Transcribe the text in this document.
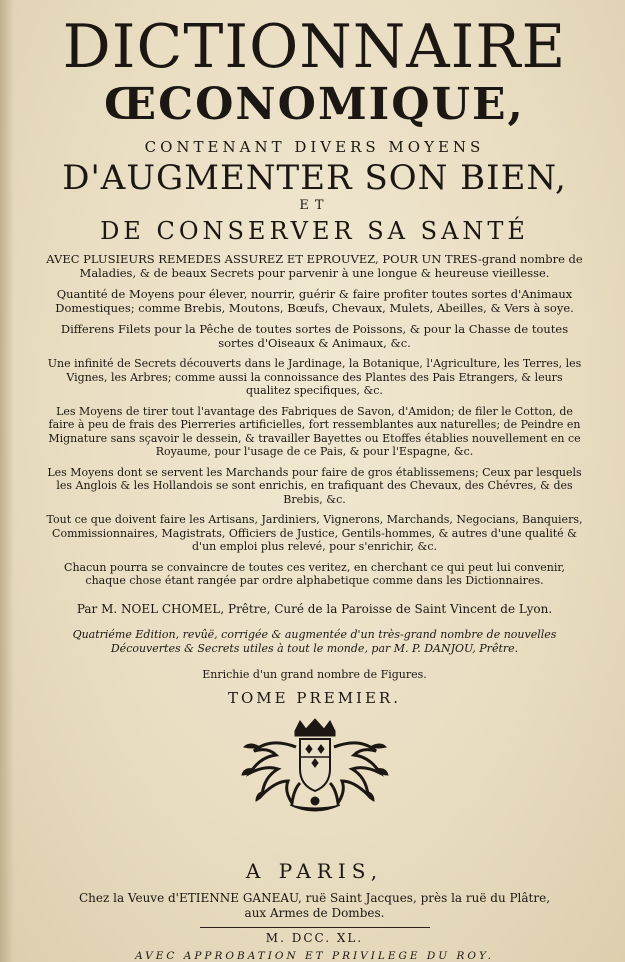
DICTIONNAIRE
ŒCONOMIQUE,
CONTENANT DIVERS MOYENS
D'AUGMENTER SON BIEN,
ET
DE CONSERVER SA SANTÉ

AVEC PLUSIEURS REMEDES ASSUREZ ET EPROUVEZ, POUR UN TRES-grand nombre de Maladies, & de beaux Secrets pour parvenir à une longue & heureuse vieillesse.

Quantité de Moyens pour élever, nourrir, guérir & faire profiter toutes sortes d'Animaux Domestiques; comme Brebis, Moutons, Bœufs, Chevaux, Mulets, Abeilles, & Vers à soye.

Differens Filets pour la Pêche de toutes sortes de Poissons, & pour la Chasse de toutes sortes d'Oiseaux & Animaux, &c.

Une infinité de Secrets découverts dans le Jardinage, la Botanique, l'Agriculture, les Terres, les Vignes, les Arbres; comme aussi la connoissance des Plantes des Pais Etrangers, & leurs qualitez specifiques, &c.

Les Moyens de tirer tout l'avantage des Fabriques de Savon, d'Amidon; de filer le Cotton, de faire à peu de frais des Pierreries artificielles, fort ressemblantes aux naturelles; de Peindre en Mignature sans sçavoir le dessein, & travailler Bayettes ou Etoffes établies nouvellement en ce Royaume, pour l'usage de ce Pais, & pour l'Espagne, &c.

Les Moyens dont se servent les Marchands pour faire de gros établissemens; Ceux par lesquels les Anglois & les Hollandois se sont enrichis, en trafiquant des Chevaux, des Chévres, & des Brebis, &c.

Tout ce que doivent faire les Artisans, Jardiniers, Vignerons, Marchands, Negocians, Banquiers, Commissionnaires, Magistrats, Officiers de Justice, Gentils-hommes, & autres d'une qualité & d'un emploi plus relevé, pour s'enrichir, &c.

Chacun pourra se convaincre de toutes ces veritez, en cherchant ce qui peut lui convenir, chaque chose étant rangée par ordre alphabetique comme dans les Dictionnaires.

Par M. NOEL CHOMEL, Prêtre, Curé de la Paroisse de Saint Vincent de Lyon.
Quatriéme Edition, revûë, corrigée & augmentée d'un très-grand nombre de nouvelles Découvertes & Secrets utiles à tout le monde, par M. P. DANJOU, Prêtre.
Enrichie d'un grand nombre de Figures.
TOME PREMIER.
A PARIS,
Chez la Veuve d'ETIENNE GANEAU, ruë Saint Jacques, près la ruë du Plâtre,
aux Armes de Dombes.
M. DCC. XL.
AVEC APPROBATION ET PRIVILEGE DU ROY.
